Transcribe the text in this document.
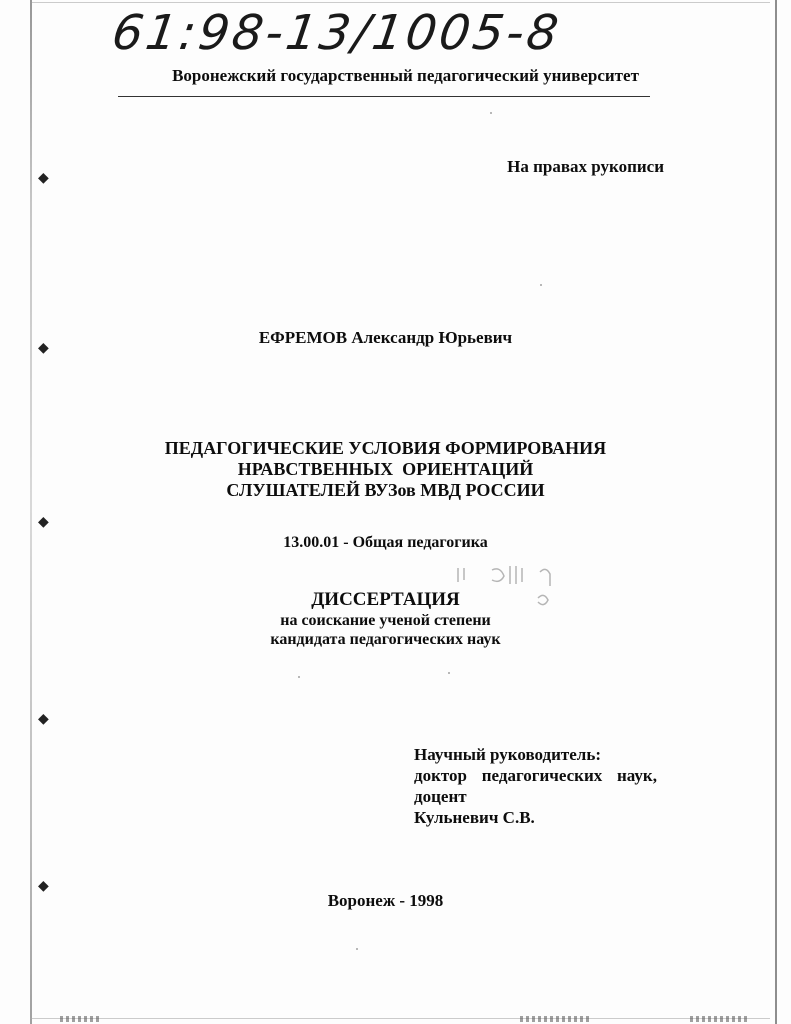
◆
◆
◆
◆
◆
61:98-13/1005-8
Воронежский государственный педагогический университет
На правах рукописи
ЕФРЕМОВ Александр Юрьевич
ПЕДАГОГИЧЕСКИЕ УСЛОВИЯ ФОРМИРОВАНИЯ
НРАВСТВЕННЫХ  ОРИЕНТАЦИЙ
СЛУШАТЕЛЕЙ ВУЗов МВД РОССИИ
13.00.01 - Общая педагогика
ДИССЕРТАЦИЯ
на соискание ученой степени
кандидата педагогических наук
Научный руководитель:
доктор педагогических наук,
доцент
Кульневич С.В.
Воронеж - 1998
